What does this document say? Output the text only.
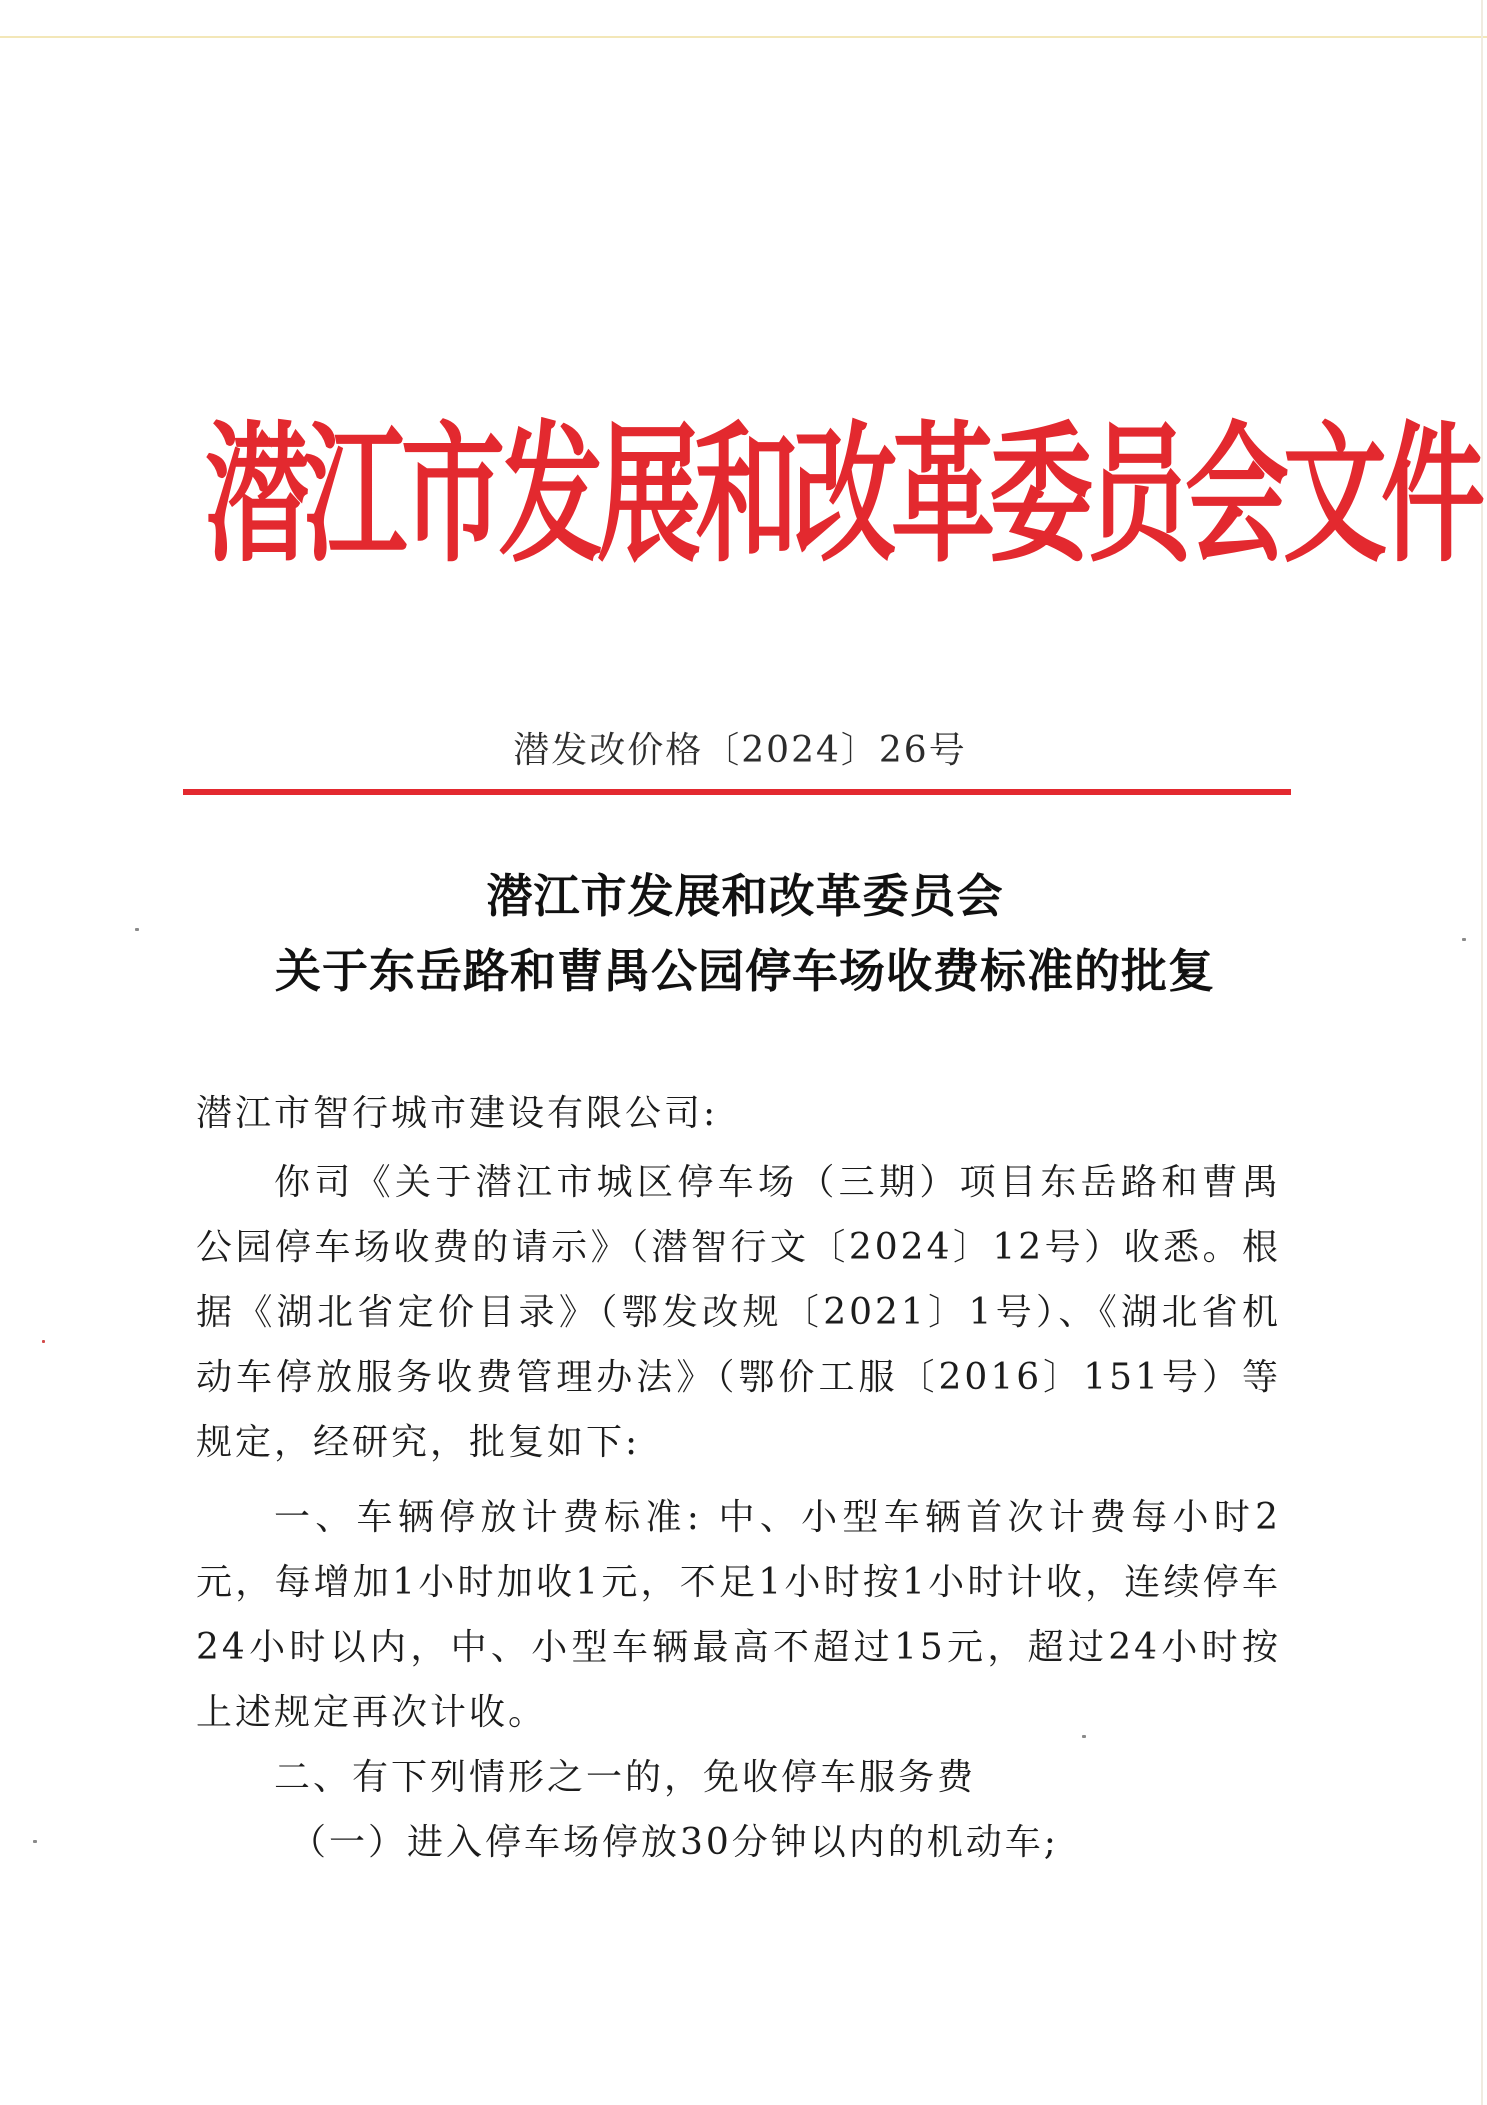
潜江市发展和改革委员会文件
潜发改价格〔2024〕26号
潜江市发展和改革委员会
关于东岳路和曹禺公园停车场收费标准的批复
潜江市智行城市建设有限公司:

你司《关于潜江市城区停车场（三期）项目东岳路和曹禺公园停车场收费的请示》（潜智行文〔2024〕12号）收悉。根据《湖北省定价目录》（鄂发改规〔2021〕1号）、《湖北省机动车停放服务收费管理办法》（鄂价工服〔2016〕151号）等规定，经研究，批复如下:

一、车辆停放计费标准: 中、小型车辆首次计费每小时2元，每增加1小时加收1元，不足1小时按1小时计收，连续停车24小时以内，中、小型车辆最高不超过15元，超过24小时按上述规定再次计收。

二、有下列情形之一的，免收停车服务费

（一）进入停车场停放30分钟以内的机动车;
